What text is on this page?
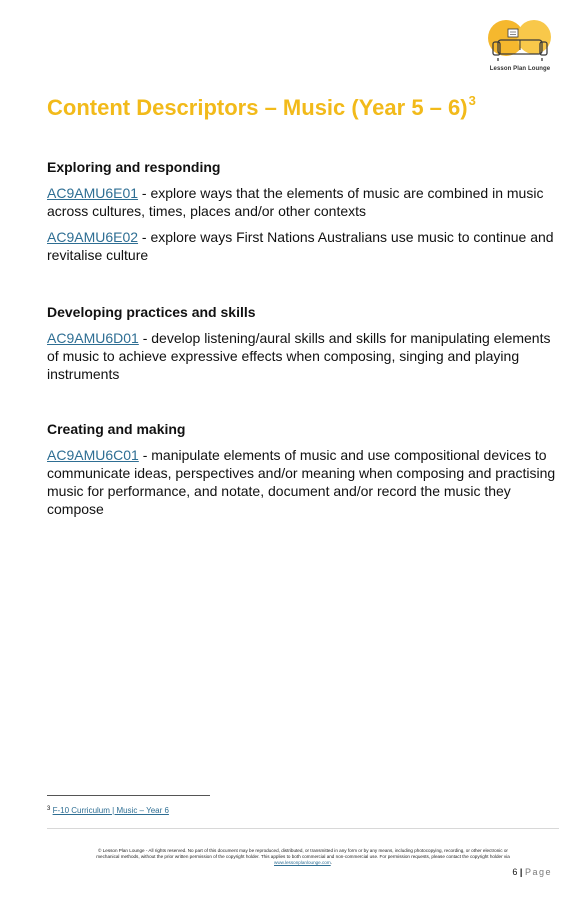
Lesson Plan Lounge
Content Descriptors – Music (Year 5 – 6)$^3$
Exploring and responding

AC9AMU6E01 - explore ways that the elements of music are combined in music across cultures, times, places and/or other contexts

AC9AMU6E02 - explore ways First Nations Australians use music to continue and revitalise culture

Developing practices and skills

AC9AMU6D01 - develop listening/aural skills and skills for manipulating elements of music to achieve expressive effects when composing, singing and playing instruments

Creating and making

AC9AMU6C01 - manipulate elements of music and use compositional devices to communicate ideas, perspectives and/or meaning when composing and practising music for performance, and notate, document and/or record the music they compose

$^3$ F-10 Curriculum | Music – Year 6
© Lesson Plan Lounge - All rights reserved. No part of this document may be reproduced, distributed, or transmitted in any form or by any means, including photocopying, recording, or other electronic or
mechanical methods, without the prior written permission of the copyright holder. This applies to both commercial and non-commercial use. For permission requests, please contact the copyright holder via
www.lessonplanlounge.com.
6 | Page
